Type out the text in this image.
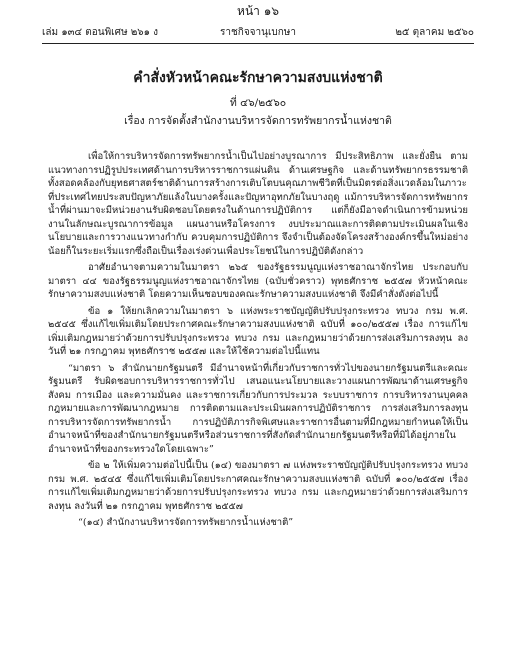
หน้า ๑๖
ราชกิจจานุเบกษา
เล่ม ๑๓๔ ตอนพิเศษ ๒๖๑ ง	๒๕ ตุลาคม ๒๕๖๐
คำสั่งหัวหน้าคณะรักษาความสงบแห่งชาติ
ที่ ๔๖/๒๕๖๐
เรื่อง การจัดตั้งสำนักงานบริหารจัดการทรัพยากรน้ำแห่งชาติ

เพื่อให้การบริหารจัดการทรัพยากรน้ำเป็นไปอย่างบูรณาการ มีประสิทธิภาพ และยั่งยืน ตามแนวทางการปฏิรูปประเทศด้านการบริหารราชการแผ่นดิน ด้านเศรษฐกิจ และด้านทรัพยากรธรรมชาติ ทั้งสอดคล้องกับยุทธศาสตร์ชาติด้านการสร้างการเติบโตบนคุณภาพชีวิตที่เป็นมิตรต่อสิ่งแวดล้อมในภาวะที่ประเทศไทยประสบปัญหาภัยแล้งในบางครั้งและปัญหาอุทกภัยในบางฤดู แม้การบริหารจัดการทรัพยากรน้ำที่ผ่านมาจะมีหน่วยงานรับผิดชอบโดยตรงในด้านการปฏิบัติการ แต่ก็ยังมีอาจดำเนินการข้ามหน่วยงานในลักษณะบูรณาการข้อมูล แผนงานหรือโครงการ งบประมาณและการติดตามประเมินผลในเชิงนโยบายและการวางแนวทางกำกับ ควบคุมการปฏิบัติการ จึงจำเป็นต้องจัดโครงสร้างองค์กรขึ้นใหม่อย่างน้อยก็ในระยะเริ่มแรกซึ่งถือเป็นเรื่องเร่งด่วนเพื่อประโยชน์ในการปฏิบัติดังกล่าว

อาศัยอำนาจตามความในมาตรา ๒๖๕ ของรัฐธรรมนูญแห่งราชอาณาจักรไทย ประกอบกับมาตรา ๔๔ ของรัฐธรรมนูญแห่งราชอาณาจักรไทย (ฉบับชั่วคราว) พุทธศักราช ๒๕๕๗ หัวหน้าคณะรักษาความสงบแห่งชาติ โดยความเห็นชอบของคณะรักษาความสงบแห่งชาติ จึงมีคำสั่งดังต่อไปนี้

ข้อ ๑ ให้ยกเลิกความในมาตรา ๖ แห่งพระราชบัญญัติปรับปรุงกระทรวง ทบวง กรม พ.ศ. ๒๕๔๕ ซึ่งแก้ไขเพิ่มเติมโดยประกาศคณะรักษาความสงบแห่งชาติ ฉบับที่ ๑๐๐/๒๕๕๗ เรื่อง การแก้ไขเพิ่มเติมกฎหมายว่าด้วยการปรับปรุงกระทรวง ทบวง กรม และกฎหมายว่าด้วยการส่งเสริมการลงทุน ลงวันที่ ๒๑ กรกฎาคม พุทธศักราช ๒๕๕๗ และให้ใช้ความต่อไปนี้แทน

“มาตรา ๖ สำนักนายกรัฐมนตรี มีอำนาจหน้าที่เกี่ยวกับราชการทั่วไปของนายกรัฐมนตรีและคณะรัฐมนตรี รับผิดชอบการบริหารราชการทั่วไป เสนอแนะนโยบายและวางแผนการพัฒนาด้านเศรษฐกิจ สังคม การเมือง และความมั่นคง และราชการเกี่ยวกับการประมวล ระบบราชการ การบริหารงานบุคคล กฎหมายและการพัฒนากฎหมาย การติดตามและประเมินผลการปฏิบัติราชการ การส่งเสริมการลงทุน การบริหารจัดการทรัพยากรน้ำ การปฏิบัติภารกิจพิเศษและราชการอื่นตามที่มีกฎหมายกำหนดให้เป็นอำนาจหน้าที่ของสำนักนายกรัฐมนตรีหรือส่วนราชการที่สังกัดสำนักนายกรัฐมนตรีหรือที่มิได้อยู่ภายในอำนาจหน้าที่ของกระทรวงใดโดยเฉพาะ”

ข้อ ๒ ให้เพิ่มความต่อไปนี้เป็น (๑๔) ของมาตรา ๗ แห่งพระราชบัญญัติปรับปรุงกระทรวง ทบวง กรม พ.ศ. ๒๕๔๕ ซึ่งแก้ไขเพิ่มเติมโดยประกาศคณะรักษาความสงบแห่งชาติ ฉบับที่ ๑๐๐/๒๕๕๗ เรื่อง การแก้ไขเพิ่มเติมกฎหมายว่าด้วยการปรับปรุงกระทรวง ทบวง กรม และกฎหมายว่าด้วยการส่งเสริมการลงทุน ลงวันที่ ๒๑ กรกฎาคม พุทธศักราช ๒๕๕๗

“(๑๔) สำนักงานบริหารจัดการทรัพยากรน้ำแห่งชาติ”
